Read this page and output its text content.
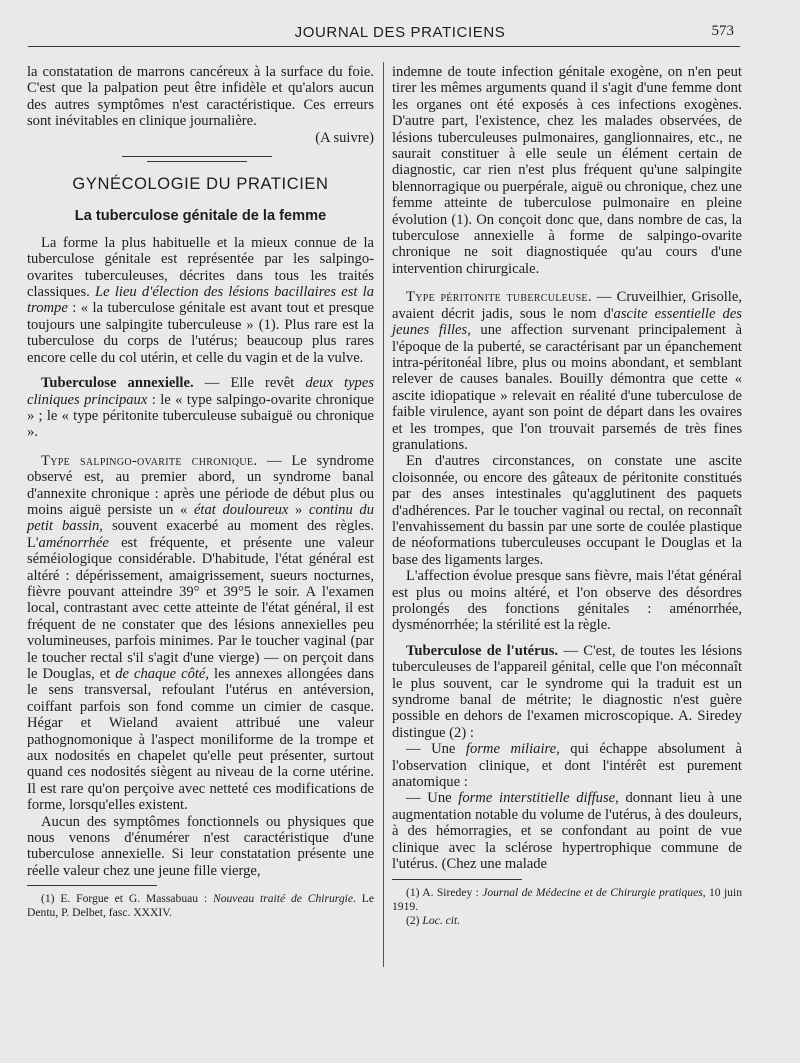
JOURNAL DES PRATICIENS	573

la constatation de marrons cancéreux à la surface du foie. C'est que la palpation peut être infidèle et qu'alors aucun des autres symptômes n'est caractéristique. Ces erreurs sont inévitables en clinique journalière.

(A suivre)

GYNÉCOLOGIE DU PRATICIEN
La tuberculose génitale de la femme

La forme la plus habituelle et la mieux connue de la tuberculose génitale est représentée par les salpingo-ovarites tuberculeuses, décrites dans tous les traités classiques. Le lieu d'élection des lésions bacillaires est la trompe : « la tuberculose génitale est avant tout et presque toujours une salpingite tuberculeuse » (1). Plus rare est la tuberculose du corps de l'utérus; beaucoup plus rares encore celle du col utérin, et celle du vagin et de la vulve.

Tuberculose annexielle. — Elle revêt deux types cliniques principaux : le « type salpingo-ovarite chronique » ; le « type péritonite tuberculeuse subaiguë ou chronique ».

Type salpingo-ovarite chronique. — Le syndrome observé est, au premier abord, un syndrome banal d'annexite chronique : après une période de début plus ou moins aiguë persiste un « état douloureux » continu du petit bassin, souvent exacerbé au moment des règles. L'aménorrhée est fréquente, et présente une valeur séméiologique considérable. D'habitude, l'état général est altéré : dépérissement, amaigrissement, sueurs nocturnes, fièvre pouvant atteindre 39° et 39°5 le soir. A l'examen local, contrastant avec cette atteinte de l'état général, il est fréquent de ne constater que des lésions annexielles peu volumineuses, parfois minimes. Par le toucher vaginal (par le toucher rectal s'il s'agit d'une vierge) — on perçoit dans le Douglas, et de chaque côté, les annexes allongées dans le sens transversal, refoulant l'utérus en antéversion, coiffant parfois son fond comme un cimier de casque. Hégar et Wieland avaient attribué une valeur pathognomonique à l'aspect moniliforme de la trompe et aux nodosités en chapelet qu'elle peut présenter, surtout quand ces nodosités siègent au niveau de la corne utérine. Il est rare qu'on perçoive avec netteté ces modifications de forme, lorsqu'elles existent.

Aucun des symptômes fonctionnels ou physiques que nous venons d'énumérer n'est caractéristique d'une tuberculose annexielle. Si leur constatation présente une réelle valeur chez une jeune fille vierge,

(1) E. Forgue et G. Massabuau : Nouveau traité de Chirurgie. Le Dentu, P. Delbet, fasc. XXXIV.

indemne de toute infection génitale exogène, on n'en peut tirer les mêmes arguments quand il s'agit d'une femme dont les organes ont été exposés à ces infections exogènes. D'autre part, l'existence, chez les malades observées, de lésions tuberculeuses pulmonaires, ganglionnaires, etc., ne saurait constituer à elle seule un élément certain de diagnostic, car rien n'est plus fréquent qu'une salpingite blennorragique ou puerpérale, aiguë ou chronique, chez une femme atteinte de tuberculose pulmonaire en pleine évolution (1). On conçoit donc que, dans nombre de cas, la tuberculose annexielle à forme de salpingo-ovarite chronique ne soit diagnostiquée qu'au cours d'une intervention chirurgicale.

Type péritonite tuberculeuse. — Cruveilhier, Grisolle, avaient décrit jadis, sous le nom d'ascite essentielle des jeunes filles, une affection survenant principalement à l'époque de la puberté, se caractérisant par un épanchement intra-péritonéal libre, plus ou moins abondant, et semblant relever de causes banales. Bouilly démontra que cette « ascite idiopatique » relevait en réalité d'une tuberculose de faible virulence, ayant son point de départ dans les ovaires et les trompes, que l'on trouvait parsemés de très fines granulations.

En d'autres circonstances, on constate une ascite cloisonnée, ou encore des gâteaux de péritonite constitués par des anses intestinales qu'agglutinent des paquets d'adhérences. Par le toucher vaginal ou rectal, on reconnaît l'envahissement du bassin par une sorte de coulée plastique de néoformations tuberculeuses occupant le Douglas et la base des ligaments larges.

L'affection évolue presque sans fièvre, mais l'état général est plus ou moins altéré, et l'on observe des désordres prolongés des fonctions génitales : aménorrhée, dysménorrhée; la stérilité est la règle.

Tuberculose de l'utérus. — C'est, de toutes les lésions tuberculeuses de l'appareil génital, celle que l'on méconnaît le plus souvent, car le syndrome qui la traduit est un syndrome banal de métrite; le diagnostic n'est guère possible en dehors de l'examen microscopique. A. Siredey distingue (2) :

— Une forme miliaire, qui échappe absolument à l'observation clinique, et dont l'intérêt est purement anatomique :

— Une forme interstitielle diffuse, donnant lieu à une augmentation notable du volume de l'utérus, à des douleurs, à des hémorragies, et se confondant au point de vue clinique avec la sclérose hypertrophique commune de l'utérus. (Chez une malade

(1) A. Siredey : Journal de Médecine et de Chirurgie pratiques, 10 juin 1919.

(2) Loc. cit.
